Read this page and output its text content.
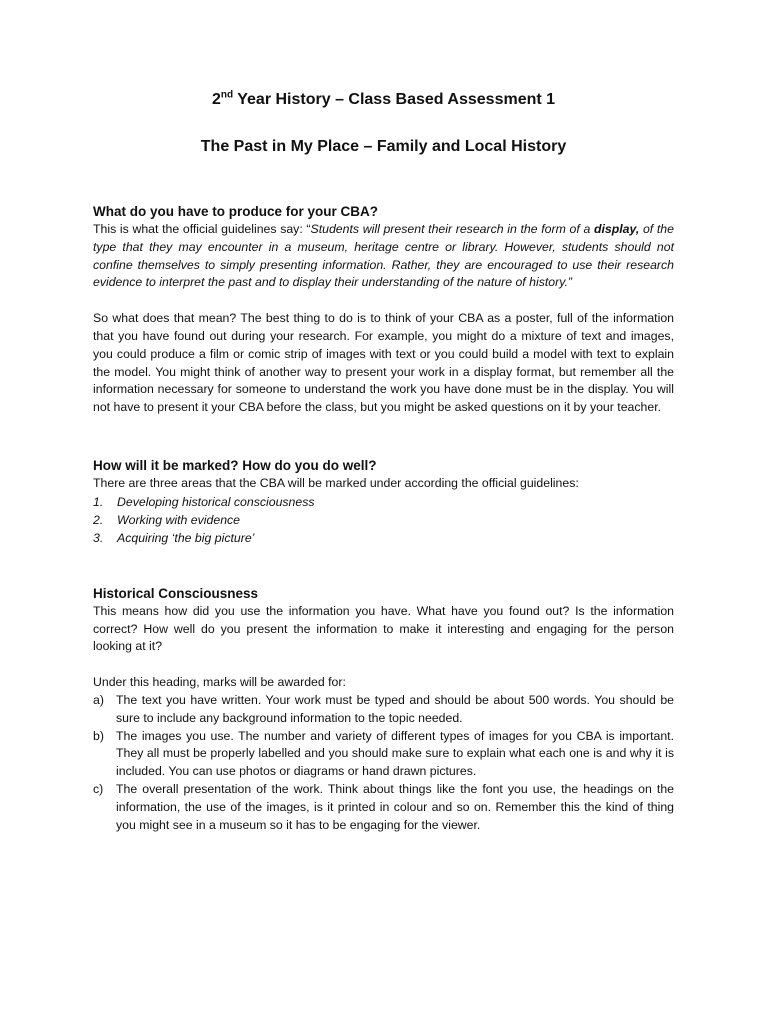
2nd Year History – Class Based Assessment 1
The Past in My Place – Family and Local History
What do you have to produce for your CBA?

This is what the official guidelines say: “Students will present their research in the form of a display, of the type that they may encounter in a museum, heritage centre or library. However, students should not confine themselves to simply presenting information. Rather, they are encouraged to use their research evidence to interpret the past and to display their understanding of the nature of history.”

So what does that mean? The best thing to do is to think of your CBA as a poster, full of the information that you have found out during your research. For example, you might do a mixture of text and images, you could produce a film or comic strip of images with text or you could build a model with text to explain the model. You might think of another way to present your work in a display format, but remember all the information necessary for someone to understand the work you have done must be in the display. You will not have to present it your CBA before the class, but you might be asked questions on it by your teacher.

How will it be marked? How do you do well?

There are three areas that the CBA will be marked under according the official guidelines:

1. Developing historical consciousness
2. Working with evidence
3. Acquiring ‘the big picture’
Historical Consciousness

This means how did you use the information you have. What have you found out? Is the information correct? How well do you present the information to make it interesting and engaging for the person looking at it?

Under this heading, marks will be awarded for:

a) The text you have written. Your work must be typed and should be about 500 words. You should be sure to include any background information to the topic needed.
b) The images you use. The number and variety of different types of images for you CBA is important. They all must be properly labelled and you should make sure to explain what each one is and why it is included. You can use photos or diagrams or hand drawn pictures.
c) The overall presentation of the work. Think about things like the font you use, the headings on the information, the use of the images, is it printed in colour and so on. Remember this the kind of thing you might see in a museum so it has to be engaging for the viewer.
